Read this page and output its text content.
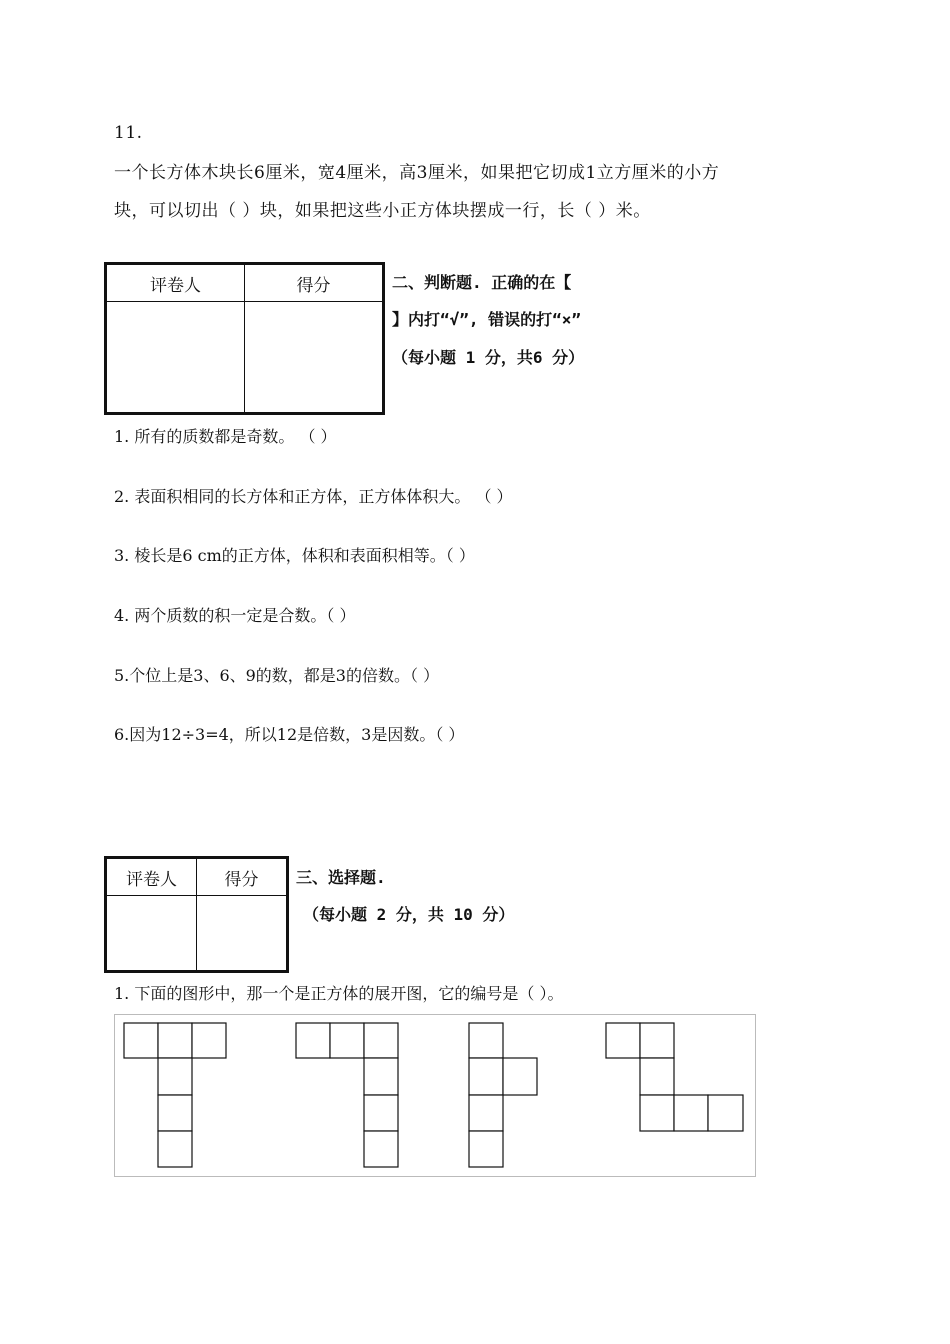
11.
一个长方体木块长6厘米，宽4厘米，高3厘米，如果把它切成1立方厘米的小方
块，可以切出（ ）块，如果把这些小正方体块摆成一行，长（ ）米。
评卷人	得分
		二、判断题. 正确的在【
】内打“√”, 错误的打“×”
（每小题 1 分，共6 分）
1. 所有的质数都是奇数。 （ ）
2. 表面积相同的长方体和正方体，正方体体积大。 （ ）
3. 棱长是6 cm的正方体，体积和表面积相等。（ ）
4. 两个质数的积一定是合数。（ ）
5.个位上是3、6、9的数，都是3的倍数。（ ）
6.因为12÷3=4，所以12是倍数，3是因数。（ ）
评卷人	得分
	三、选择题.
（每小题 2 分，共 10 分）
1. 下面的图形中，那一个是正方体的展开图，它的编号是（ ）。
